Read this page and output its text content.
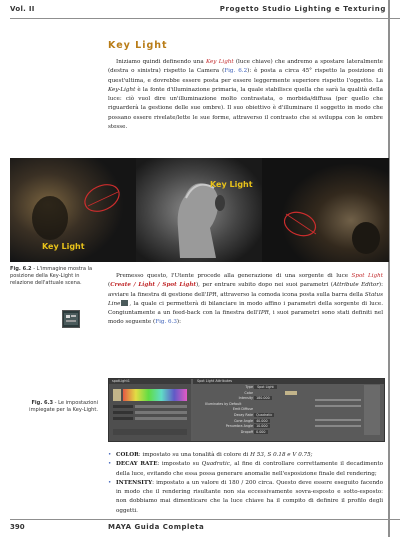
Vol. II	Progetto Studio Lighting e Texturing
Key Light

Iniziamo quindi definendo una Key Light (luce chiave) che andremo a spostare lateralmente (destra o sinistra) rispetto la Camera (Fig. 6.2): è posta a circa 45° rispetto la posizione di quest'ultima, e dovrebbe essere posta per essere leggermente superiore rispetto l'oggetto. La Key-Light è la fonte d'illuminazione primaria, la quale stabilisce quella che sarà la qualità della luce: ciò vuol dire un'illuminazione molto contrastata, o morbida/diffusa (per quello che riguarderà la gestione delle sue ombre). Il suo obiettivo è d'illuminare il soggetto in modo che possano essere rivelate/lette le sue forme, attraverso il contrasto che si sviluppa con le ombre stesse.

Key Light
Key Light
Fig. 6.2 - L'immagine mostra la posizione della Key-Light in relazione dell'attuale scena.

Premesso questo, l'Utente procede alla generazione di una sorgente di luce Spot Light (Create / Light / Spot Light), per entrare subito dopo nei suoi parametri (Attribute Editor): avviare la finestra di gestione dell'IPR, attraverso la comoda icona posta sulla barra della Status Line , la quale ci permetterà di bilanciare in modo affino i parametri della sorgente di luce. Congiuntamente a un feed-back con la finestra dell'IPR, i suoi parametri sono stati definiti nel modo seguente (Fig. 6.3):

spotLight1	Spot Light Attributes
Type Spot Light
Color
Intensity 180.000
Illuminates by Default
Emit Diffuse
Decay Rate Quadratic
Cone Angle 40.000
Penumbra Angle 10.000
Dropoff 0.000
Fig. 6.3 - Le impostazioni impiegate per la Key-Light.
• COLOR: impostato su una tonalità di colore di H 53, S 0.18 e V 0.75;
• DECAY RATE: impostato su Quadratic, al fine di controllare correttamente il decadimento della luce, evitando che essa possa generare anomalie nell'esposizione finale del rendering;
• INTENSITY: impostato a un valore di 180 / 200 circa. Questo deve essere eseguito facendo in modo che il rendering risultante non sia eccessivamente sovra-esposto e sotto-esposto: non dobbiamo mai dimenticare che la luce chiave ha il compito di definire il profilo degli oggetti.
390	MAYA Guida Completa
